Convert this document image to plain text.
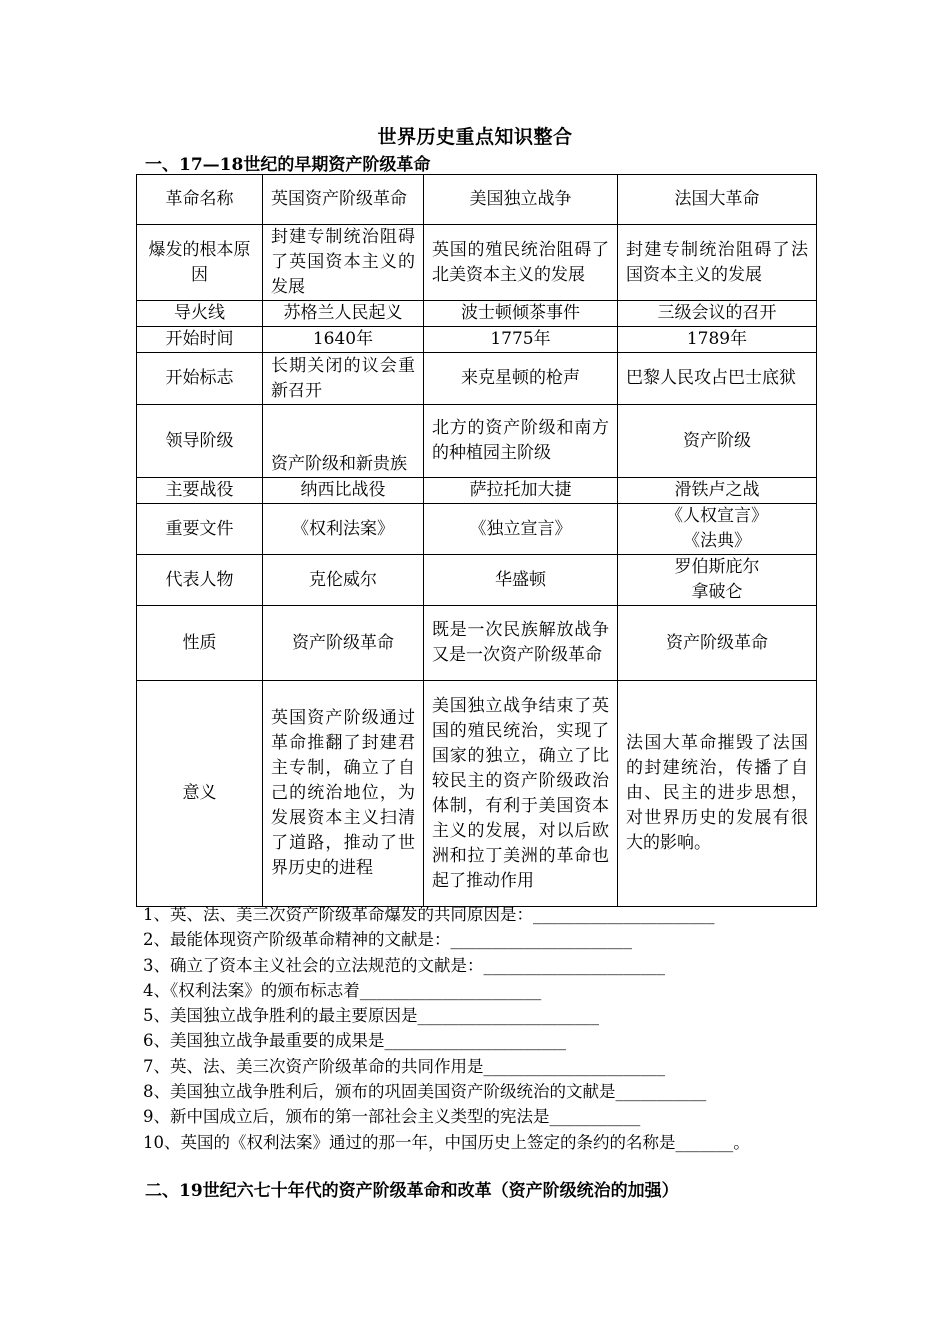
世界历史重点知识整合
一、17—18世纪的早期资产阶级革命
革命名称	英国资产阶级革命	美国独立战争	法国大革命
爆发的根本原因	封建专制统治阻碍了英国资本主义的发展	英国的殖民统治阻碍了北美资本主义的发展	封建专制统治阻碍了法国资本主义的发展
导火线	苏格兰人民起义	波士顿倾茶事件	三级会议的召开
开始时间	1640年	1775年	1789年
开始标志	长期关闭的议会重新召开	来克星顿的枪声	巴黎人民攻占巴士底狱
领导阶级	资产阶级和新贵族	北方的资产阶级和南方的种植园主阶级	资产阶级
主要战役	纳西比战役	萨拉托加大捷	滑铁卢之战
重要文件	《权利法案》	《独立宣言》	《人权宣言》
《法典》

代表人物	克伦威尔	华盛顿	罗伯斯庇尔
拿破仑

性质	资产阶级革命	既是一次民族解放战争又是一次资产阶级革命	资产阶级革命
意义	英国资产阶级通过革命推翻了封建君主专制，确立了自己的统治地位，为发展资本主义扫清了道路，推动了世界历史的进程	美国独立战争结束了英国的殖民统治，实现了国家的独立，确立了比较民主的资产阶级政治体制，有利于美国资本主义的发展，对以后欧洲和拉丁美洲的革命也起了推动作用	法国大革命摧毁了法国的封建统治，传播了自由、民主的进步思想，对世界历史的发展有很大的影响。
1、英、法、美三次资产阶级革命爆发的共同原因是：______________________
2、最能体现资产阶级革命精神的文献是：______________________
3、确立了资本主义社会的立法规范的文献是：______________________
4、《权利法案》的颁布标志着______________________
5、美国独立战争胜利的最主要原因是______________________
6、美国独立战争最重要的成果是______________________
7、英、法、美三次资产阶级革命的共同作用是______________________
8、美国独立战争胜利后，颁布的巩固美国资产阶级统治的文献是___________
9、新中国成立后，颁布的第一部社会主义类型的宪法是___________
10、英国的《权利法案》通过的那一年，中国历史上签定的条约的名称是_______。
二、19世纪六七十年代的资产阶级革命和改革（资产阶级统治的加强）
